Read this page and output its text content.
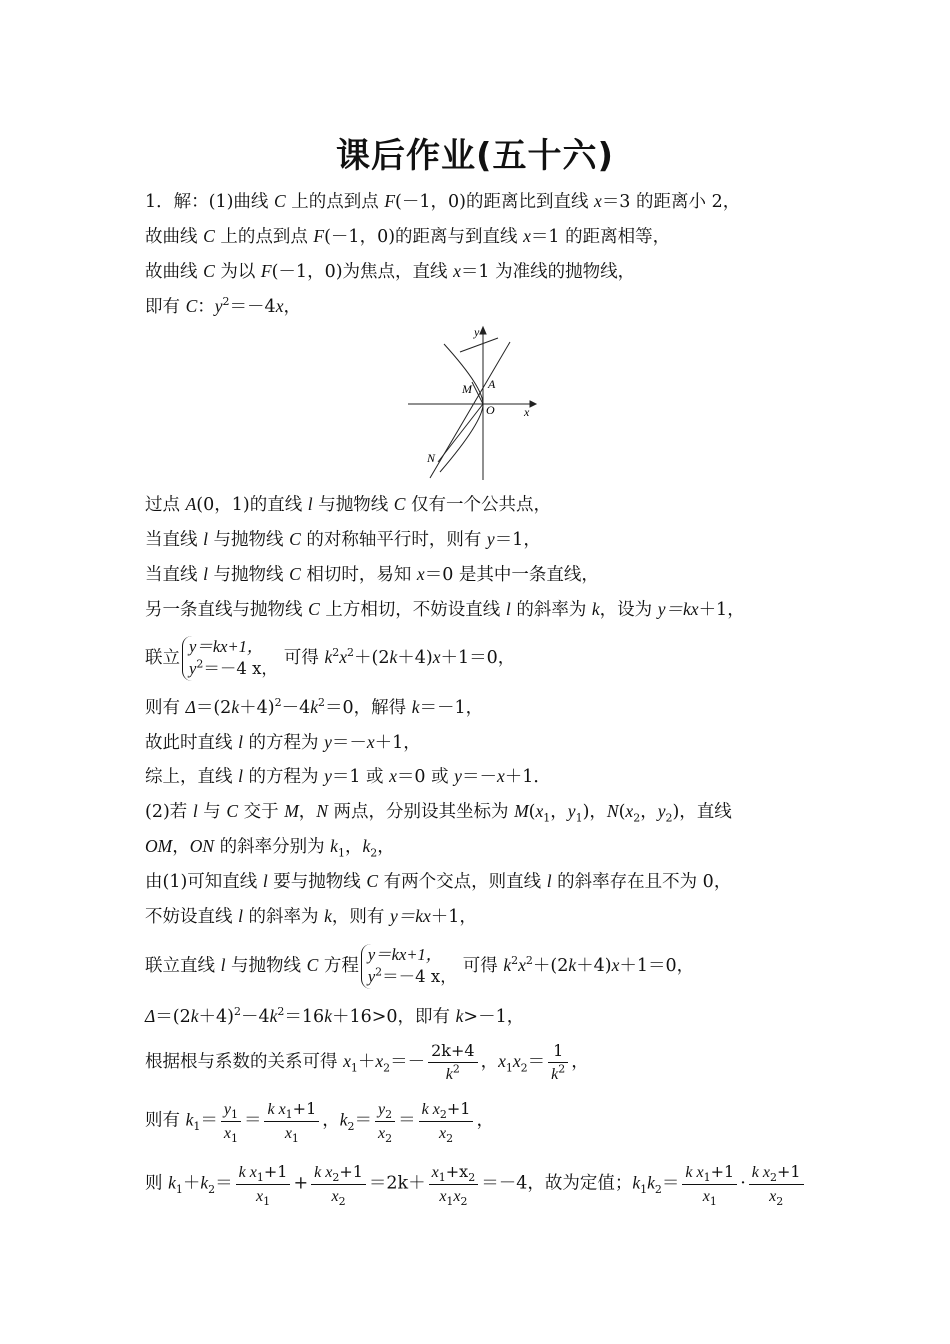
课后作业(五十六)
y
x
M A
O
N
1．解：(1)曲线 C 上的点到点 F(－1，0)的距离比到直线 x＝3 的距离小 2，
故曲线 C 上的点到点 F(－1，0)的距离与到直线 x＝1 的距离相等，
故曲线 C 为以 F(－1，0)为焦点，直线 x＝1 为准线的抛物线，
即有 C：$y^2=-4x$，
过点 A(0，1)的直线 l 与抛物线 C 仅有一个公共点，
当直线 l 与抛物线 C 的对称轴平行时，则有 y＝1，
当直线 l 与抛物线 C 相切时，易知 x＝0 是其中一条直线，
另一条直线与抛物线 C 上方相切，不妨设直线 l 的斜率为 k，设为 y＝kx＋1，
联立y＝kx+1，
$y^2=-4$ x，可得 $k^2x^2+(2k+4)x+1=0$，
则有 $\Delta=(2k+4)^2-4k^2=0$，解得 k＝－1，
故此时直线 l 的方程为 y＝－x＋1，
综上，直线 l 的方程为 y＝1 或 x＝0 或 y＝－x＋1．
(2)若 l 与 C 交于 M，N 两点，分别设其坐标为 $M(x_1$，$y_1$)，$N(x_2$，$y_2$)，直线
OM，ON 的斜率分别为 $k_1$，$k_2$，
由(1)可知直线 l 要与抛物线 C 有两个交点，则直线 l 的斜率存在且不为 0，
不妨设直线 l 的斜率为 k，则有 y＝kx＋1，
联立直线 l 与抛物线 C 方程y＝kx+1，
$y^2=-4$ x，可得 $k^2x^2+(2k+4)x+1=0$，
$\Delta=(2k+4)^2-4k^2=16k+16>0$，即有 k>－1，
根据根与系数的关系可得 $x_1+x_2=- \frac{2k+4}{k^2}$ ，$x_1x_2= \frac{1}{k^2}$ ，
则有 $k_1= \frac{y_1}{x_1} = \frac{k x_1+1}{x_1}$ ，$k_2= \frac{y_2}{x_2} = \frac{k x_2+1}{x_2}$ ，
则 $k_1+k_2= \frac{k x_1+1}{x_1} + \frac{k x_2+1}{x_2} =2k+ \frac{x_1+x_2}{x_1x_2} =-4$，故为定值；$k_1k_2= \frac{k x_1+1}{x_1} \cdot \frac{k x_2+1}{x_2}$
